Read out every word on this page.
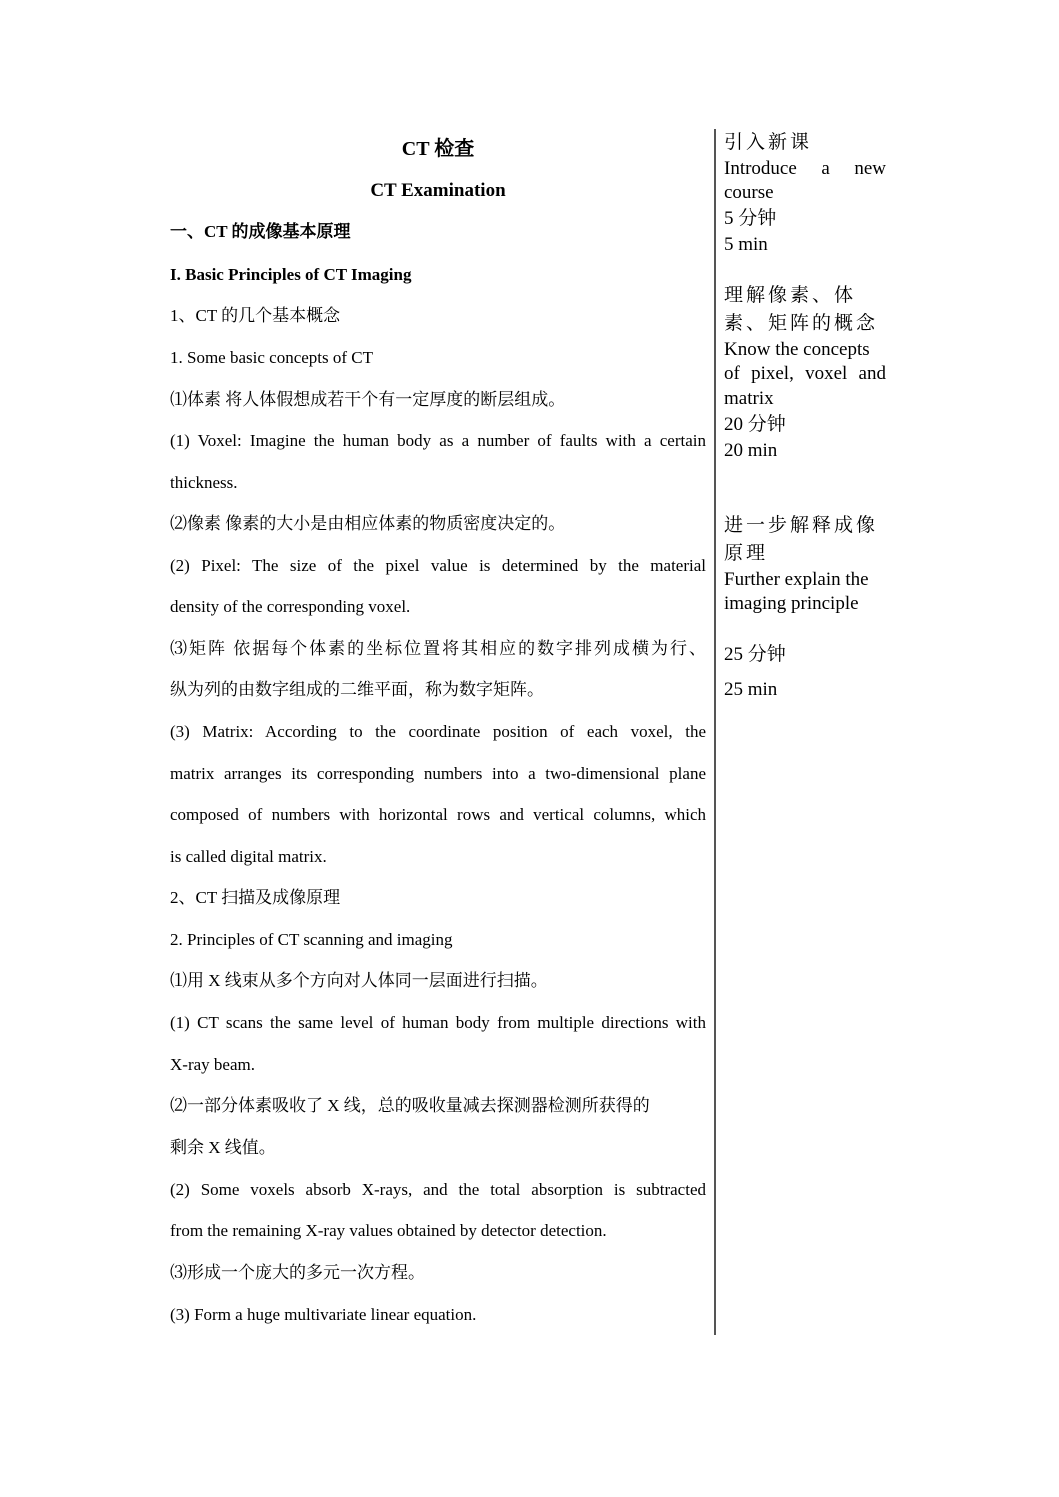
CT 检查
CT Examination
一、CT 的成像基本原理
I. Basic Principles of CT Imaging
1、CT 的几个基本概念
1. Some basic concepts of CT
⑴体素 将人体假想成若干个有一定厚度的断层组成。
(1) Voxel: Imagine the human body as a number of faults with a certain
thickness.
⑵像素 像素的大小是由相应体素的物质密度决定的。
(2) Pixel: The size of the pixel value is determined by the material
density of the corresponding voxel.
⑶矩阵 依据每个体素的坐标位置将其相应的数字排列成横为行、
纵为列的由数字组成的二维平面，称为数字矩阵。
(3) Matrix: According to the coordinate position of each voxel, the
matrix arranges its corresponding numbers into a two-dimensional plane
composed of numbers with horizontal rows and vertical columns, which
is called digital matrix.
2、CT 扫描及成像原理
2. Principles of CT scanning and imaging
⑴用 X 线束从多个方向对人体同一层面进行扫描。
(1) CT scans the same level of human body from multiple directions with
X-ray beam.
⑵一部分体素吸收了 X 线，总的吸收量减去探测器检测所获得的
剩余 X 线值。
(2) Some voxels absorb X-rays, and the total absorption is subtracted
from the remaining X-ray values obtained by detector detection.
⑶形成一个庞大的多元一次方程。
(3) Form a huge multivariate linear equation.
引入新课
Introduce a new
course
5 分钟
5 min
理解像素、体
素、矩阵的概念
Know the concepts
of pixel, voxel and
matrix
20 分钟
20 min
进一步解释成像
原理
Further explain the
imaging principle
25 分钟
25 min
